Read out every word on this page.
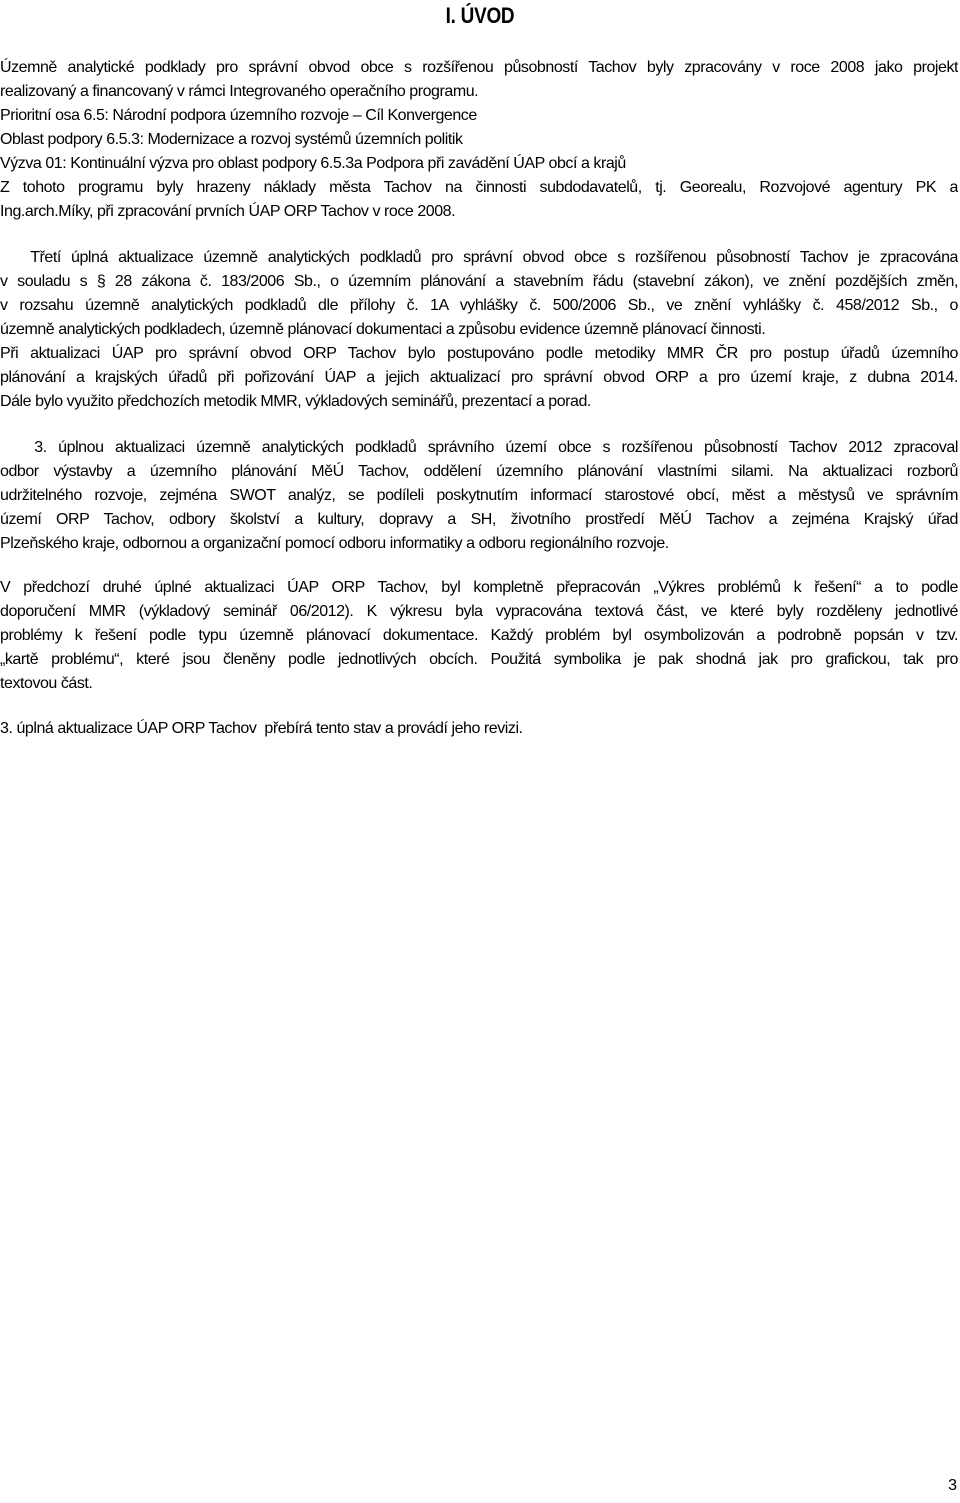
I. ÚVOD
Územně analytické podklady pro správní obvod obce s rozšířenou působností Tachov byly zpracovány v roce 2008 jako projekt
realizovaný a financovaný v rámci Integrovaného operačního programu.
Prioritní osa 6.5: Národní podpora územního rozvoje – Cíl Konvergence
Oblast podpory 6.5.3: Modernizace a rozvoj systémů územních politik
Výzva 01: Kontinuální výzva pro oblast podpory 6.5.3a Podpora při zavádění ÚAP obcí a krajů
Z tohoto programu byly hrazeny náklady města Tachov na činnosti subdodavatelů, tj. Georealu, Rozvojové agentury PK a
Ing.arch.Míky, při zpracování prvních ÚAP ORP Tachov v roce 2008.
Třetí úplná aktualizace územně analytických podkladů pro správní obvod obce s rozšířenou působností Tachov je zpracována
v souladu s § 28 zákona č. 183/2006 Sb., o územním plánování a stavebním řádu (stavební zákon), ve znění pozdějších změn,
v rozsahu územně analytických podkladů dle přílohy č. 1A vyhlášky č. 500/2006 Sb., ve znění vyhlášky č. 458/2012 Sb., o
územně analytických podkladech, územně plánovací dokumentaci a způsobu evidence územně plánovací činnosti.
Při aktualizaci ÚAP pro správní obvod ORP Tachov bylo postupováno podle metodiky MMR ČR pro postup úřadů územního
plánování a krajských úřadů při pořizování ÚAP a jejich aktualizací pro správní obvod ORP a pro území kraje, z dubna 2014.
Dále bylo využito předchozích metodik MMR, výkladových seminářů, prezentací a porad.
3. úplnou aktualizaci územně analytických podkladů správního území obce s rozšířenou působností Tachov 2012 zpracoval
odbor výstavby a územního plánování MěÚ Tachov, oddělení územního plánování vlastními silami. Na aktualizaci rozborů
udržitelného rozvoje, zejména SWOT analýz, se podíleli poskytnutím informací starostové obcí, měst a městysů ve správním
území ORP Tachov, odbory školství a kultury, dopravy a SH, životního prostředí MěÚ Tachov a zejména Krajský úřad
Plzeňského kraje, odbornou a organizační pomocí odboru informatiky a odboru regionálního rozvoje.
V předchozí druhé úplné aktualizaci ÚAP ORP Tachov, byl kompletně přepracován „Výkres problémů k řešení“ a to podle
doporučení MMR (výkladový seminář 06/2012). K výkresu byla vypracována textová část, ve které byly rozděleny jednotlivé
problémy k řešení podle typu územně plánovací dokumentace. Každý problém byl osymbolizován a podrobně popsán v tzv.
„kartě problému“, které jsou členěny podle jednotlivých obcích. Použitá symbolika je pak shodná jak pro grafickou, tak pro
textovou část.
3. úplná aktualizace ÚAP ORP Tachov  přebírá tento stav a provádí jeho revizi.
3
